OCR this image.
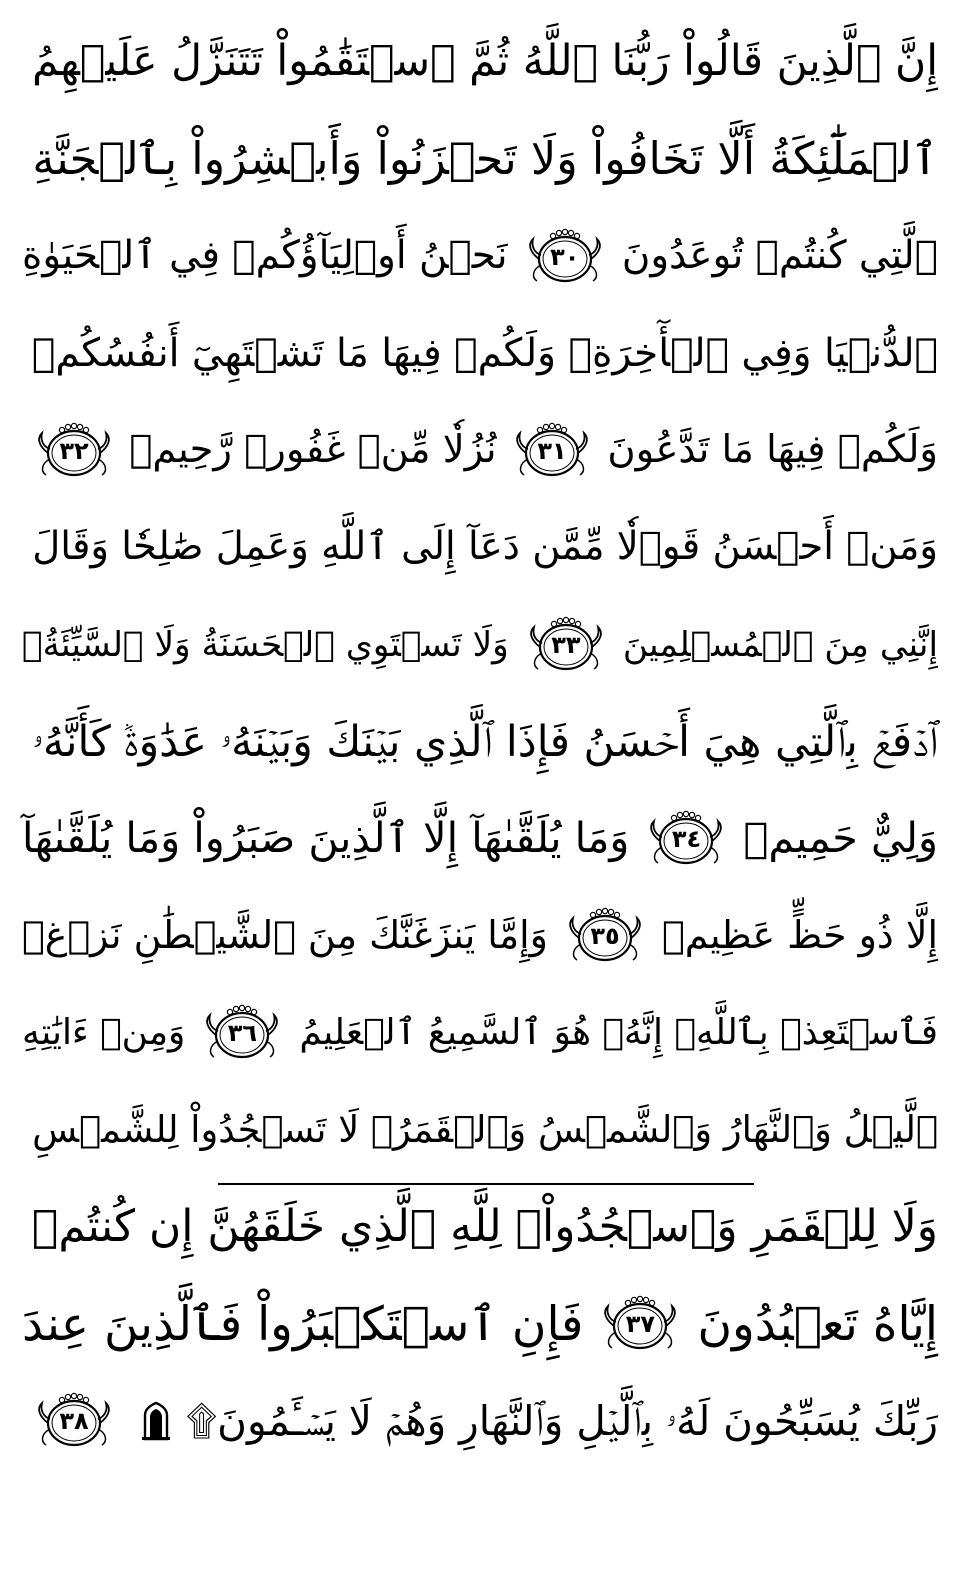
إِنَّ ٱلَّذِينَ قَالُواْ رَبُّنَا ٱللَّهُ ثُمَّ ٱسۡتَقَٰمُواْ تَتَنَزَّلُ عَلَيۡهِمُ
ٱلۡمَلَٰٓئِكَةُ أَلَّا تَخَافُواْ وَلَا تَحۡزَنُواْ وَأَبۡشِرُواْ بِٱلۡجَنَّةِ
ٱلَّتِي كُنتُمۡ تُوعَدُونَ
٣٠
نَحۡنُ أَوۡلِيَآؤُكُمۡ فِي ٱلۡحَيَوٰةِ
ٱلدُّنۡيَا وَفِي ٱلۡأٓخِرَةِۖ وَلَكُمۡ فِيهَا مَا تَشۡتَهِيٓ أَنفُسُكُمۡ
وَلَكُمۡ فِيهَا مَا تَدَّعُونَ
٣١
نُزُلٗا مِّنۡ غَفُورٖ رَّحِيمٖ
٣٢
وَمَنۡ أَحۡسَنُ قَوۡلٗا مِّمَّن دَعَآ إِلَى ٱللَّهِ وَعَمِلَ صَٰلِحٗا وَقَالَ
إِنَّنِي مِنَ ٱلۡمُسۡلِمِينَ
٣٣
وَلَا تَسۡتَوِي ٱلۡحَسَنَةُ وَلَا ٱلسَّيِّئَةُۚ
ٱدۡفَعۡ بِٱلَّتِي هِيَ أَحۡسَنُ فَإِذَا ٱلَّذِي بَيۡنَكَ وَبَيۡنَهُۥ عَدَٰوَةٞ كَأَنَّهُۥ
وَلِيٌّ حَمِيمٞ
٣٤
وَمَا يُلَقَّىٰهَآ إِلَّا ٱلَّذِينَ صَبَرُواْ وَمَا يُلَقَّىٰهَآ
إِلَّا ذُو حَظٍّ عَظِيمٖ
٣٥
وَإِمَّا يَنزَغَنَّكَ مِنَ ٱلشَّيۡطَٰنِ نَزۡغٞ
فَٱسۡتَعِذۡ بِٱللَّهِۖ إِنَّهُۥ هُوَ ٱلسَّمِيعُ ٱلۡعَلِيمُ
٣٦
وَمِنۡ ءَايَٰتِهِ
ٱلَّيۡلُ وَٱلنَّهَارُ وَٱلشَّمۡسُ وَٱلۡقَمَرُۚ لَا تَسۡجُدُواْ لِلشَّمۡسِ
وَلَا لِلۡقَمَرِ وَٱسۡجُدُواْۤ لِلَّهِ ٱلَّذِي خَلَقَهُنَّ إِن كُنتُمۡ
إِيَّاهُ تَعۡبُدُونَ
٣٧
فَإِنِ ٱسۡتَكۡبَرُواْ فَٱلَّذِينَ عِندَ
رَبِّكَ يُسَبِّحُونَ لَهُۥ بِٱلَّيۡلِ وَٱلنَّهَارِ وَهُمۡ لَا يَسۡـَٔمُونَ۩
٣٨
